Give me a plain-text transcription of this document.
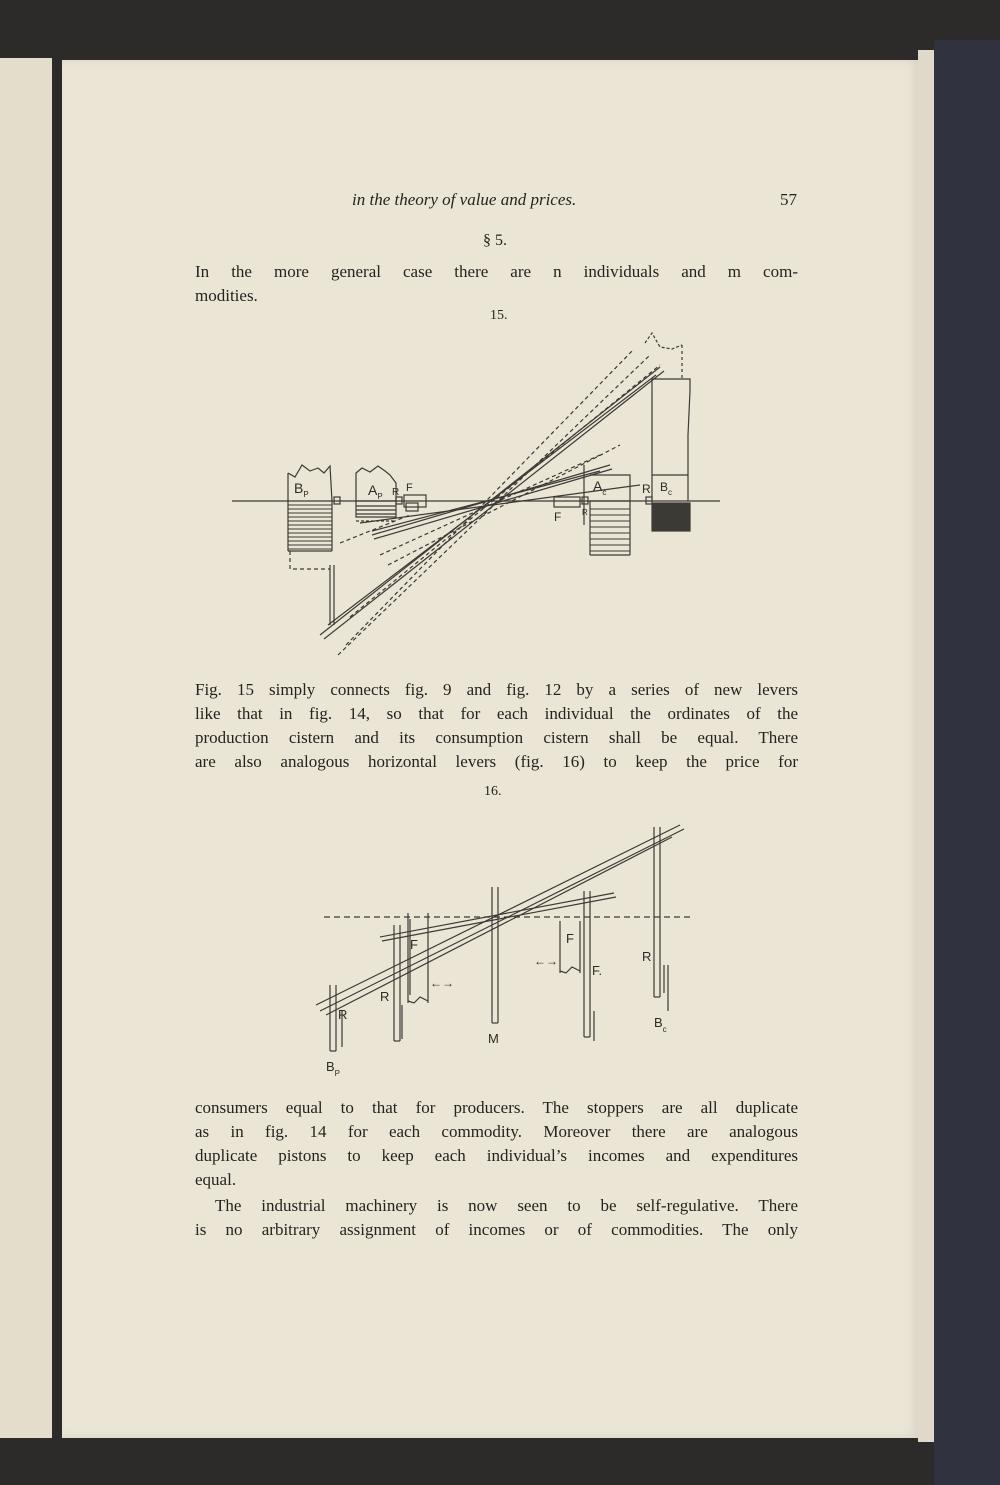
in the theory of value and prices.	57
§ 5.
In the more general case there are n individuals and m com-
modities.
15.
$B_P$	$A_P$ R F	$A_c$	R $B_c$
F	R
Fig. 15 simply connects fig. 9 and fig. 12 by a series of new levers
like that in fig. 14, so that for each individual the ordinates of the
production cistern and its consumption cistern shall be equal. There
are also analogous horizontal levers (fig. 16) to keep the price for
16.
F
R
R
M
F
F.
R
$B_P$
$B_c$
←→
←→
consumers equal to that for producers. The stoppers are all duplicate
as in fig. 14 for each commodity. Moreover there are analogous
duplicate pistons to keep each individual’s incomes and expenditures
equal.
The industrial machinery is now seen to be self-regulative. There
is no arbitrary assignment of incomes or of commodities. The only
